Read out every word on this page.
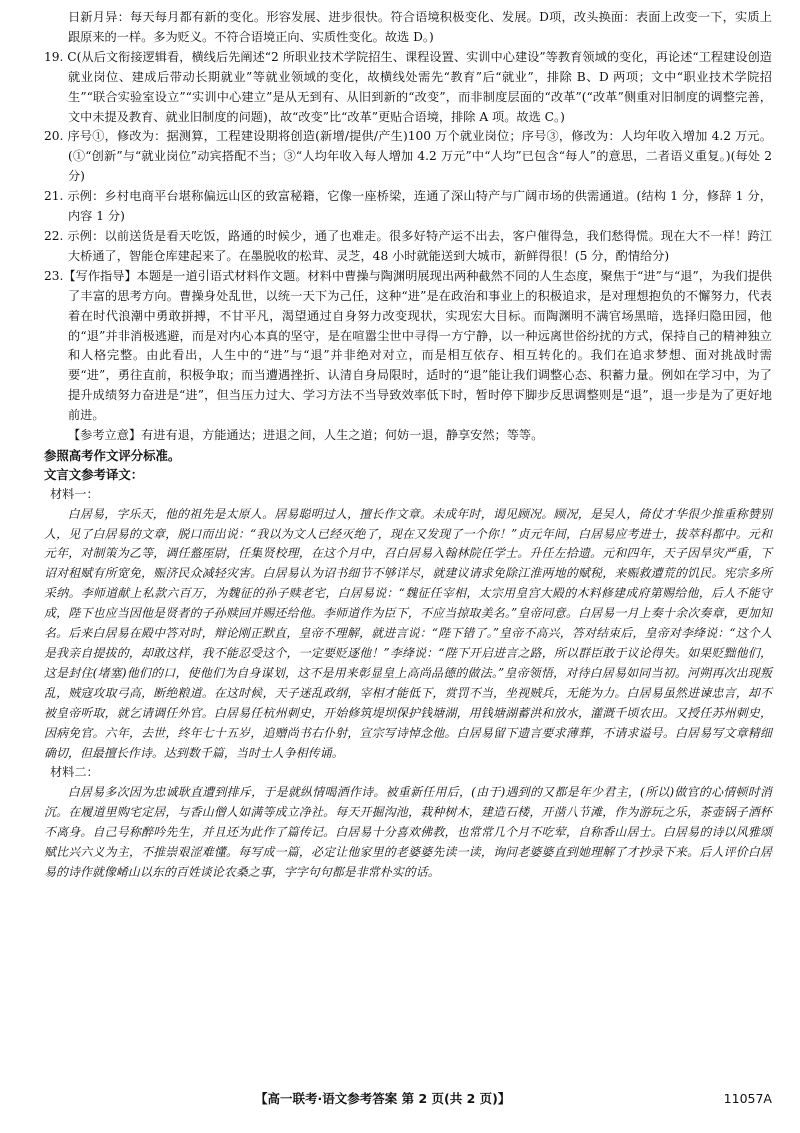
日新月异：每天每月都有新的变化。形容发展、进步很快。符合语境积极变化、发展。D项，改头换面：表面上改变一下，实质上跟原来的一样。多为贬义。不符合语境正向、实质性变化。故选 D。)

19. C(从后文衔接逻辑看，横线后先阐述“2 所职业技术学院招生、课程设置、实训中心建设”等教育领域的变化，再论述“工程建设创造就业岗位、建成后带动长期就业”等就业领域的变化，故横线处需先“教育”后“就业”，排除 B、D 两项；文中“职业技术学院招生”“联合实验室设立”“实训中心建立”是从无到有、从旧到新的“改变”，而非制度层面的“改革”(“改革”侧重对旧制度的调整完善，文中未提及教育、就业旧制度的问题)，故“改变”比“改革”更贴合语境，排除 A 项。故选 C。)

20. 序号①，修改为：据测算，工程建设期将创造(新增/提供/产生)100 万个就业岗位；序号③，修改为：人均年收入增加 4.2 万元。(①“创新”与“就业岗位”动宾搭配不当；③“人均年收入每人增加 4.2 万元”中“人均”已包含“每人”的意思，二者语义重复。)(每处 2 分)

21. 示例：乡村电商平台堪称偏远山区的致富秘籍，它像一座桥梁，连通了深山特产与广阔市场的供需通道。(结构 1 分，修辞 1 分，内容 1 分)

22. 示例：以前送货是看天吃饭，路通的时候少，通了也难走。很多好特产运不出去，客户催得急，我们愁得慌。现在大不一样！跨江大桥通了，智能仓库建起来了。在墨脱收的松茸、灵芝，48 小时就能送到大城市，新鲜得很！(5 分，酌情给分)

23.【写作指导】本题是一道引语式材料作文题。材料中曹操与陶渊明展现出两种截然不同的人生态度，聚焦于“进”与“退”，为我们提供了丰富的思考方向。曹操身处乱世，以统一天下为己任，这种“进”是在政治和事业上的积极追求，是对理想抱负的不懈努力，代表着在时代浪潮中勇敢拼搏，不甘平凡，渴望通过自身努力改变现状，实现宏大目标。而陶渊明不满官场黑暗，选择归隐田园，他的“退”并非消极逃避，而是对内心本真的坚守，是在喧嚣尘世中寻得一方宁静，以一种远离世俗纷扰的方式，保持自己的精神独立和人格完整。由此看出，人生中的“进”与“退”并非绝对对立，而是相互依存、相互转化的。我们在追求梦想、面对挑战时需要“进”，勇往直前，积极争取；而当遭遇挫折、认清自身局限时，适时的“退”能让我们调整心态、积蓄力量。例如在学习中，为了提升成绩努力奋进是“进”，但当压力过大、学习方法不当导致效率低下时，暂时停下脚步反思调整则是“退”，退一步是为了更好地前进。

【参考立意】有进有退，方能通达；进退之间，人生之道；何妨一退，静享安然；等等。

参照高考作文评分标准。

文言文参考译文：

材料一：

白居易，字乐天，他的祖先是太原人。居易聪明过人，擅长作文章。未成年时，谒见顾况。顾况，是吴人，倚仗才华很少推重称赞别人，见了白居易的文章，脱口而出说：“我以为文人已经灭绝了，现在又发现了一个你！”贞元年间，白居易应考进士，拔萃科都中。元和元年，对制策为乙等，调任盩厔尉，任集贤校理，在这个月中，召白居易入翰林院任学士。升任左拾遗。元和四年，天子因旱灾严重，下诏对租赋有所宽免，赈济民众减轻灾害。白居易认为诏书细节不够详尽，就建议请求免除江淮两地的赋税，来赈救遭荒的饥民。宪宗多所采纳。李师道献上私款六百万，为魏征的孙子赎老宅，白居易说：“魏征任宰相，太宗用皇宫大殿的木料修建成府第赐给他，后人不能守成，陛下也应当因他是贤者的子孙赎回并赐还给他。李师道作为臣下，不应当掠取美名。”皇帝同意。白居易一月上奏十余次奏章，更加知名。后来白居易在殿中答对时，辩论刚正默直，皇帝不理解，就进言说：“陛下错了。”皇帝不高兴，答对结束后，皇帝对李绛说：“这个人是我亲自提拔的，却敢这样，我不能忍受这个，一定要贬逐他！”李绛说：“陛下开启进言之路，所以群臣敢于议论得失。如果贬黜他们，这是封住(堵塞)他们的口，使他们为自身谋划，这不是用来彰显皇上高尚品德的做法。”皇帝领悟，对待白居易如同当初。河朔再次出现叛乱，贼寇攻取弓高，断绝粮道。在这时候，天子迷乱政纲，宰相才能低下，赏罚不当，坐视贼兵，无能为力。白居易虽然进谏忠言，却不被皇帝听取，就乞请调任外官。白居易任杭州刺史，开始修筑堤坝保护钱塘湖，用钱塘湖蓄洪和放水，灌溉千顷农田。又授任苏州刺史，因病免官。六年，去世，终年七十五岁，追赠尚书右仆射，宣宗写诗悼念他。白居易留下遗言要求薄葬，不请求谥号。白居易写文章精细确切，但最擅长作诗。达到数千篇，当时士人争相传诵。

材料二：

白居易多次因为忠诚耿直遭到排斥，于是就纵情喝酒作诗。被重新任用后，(由于)遇到的又都是年少君主，(所以)做官的心情顿时消沉。在履道里购宅定居，与香山僧人如满等成立净社。每天开掘沟池，栽种树木，建造石楼，开凿八节滩，作为游玩之乐，茶壶锅子酒杯不离身。自己号称醉吟先生，并且还为此作了篇传记。白居易十分喜欢佛教，也常常几个月不吃荤，自称香山居士。白居易的诗以风雅颂赋比兴六义为主，不推崇艰涩难懂。每写成一篇，必定让他家里的老婆婆先读一读，询问老婆婆直到她理解了才抄录下来。后人评价白居易的诗作就像崤山以东的百姓谈论农桑之事，字字句句都是非常朴实的话。

【高一联考·语文参考答案 第 2 页(共 2 页)】	11057A
